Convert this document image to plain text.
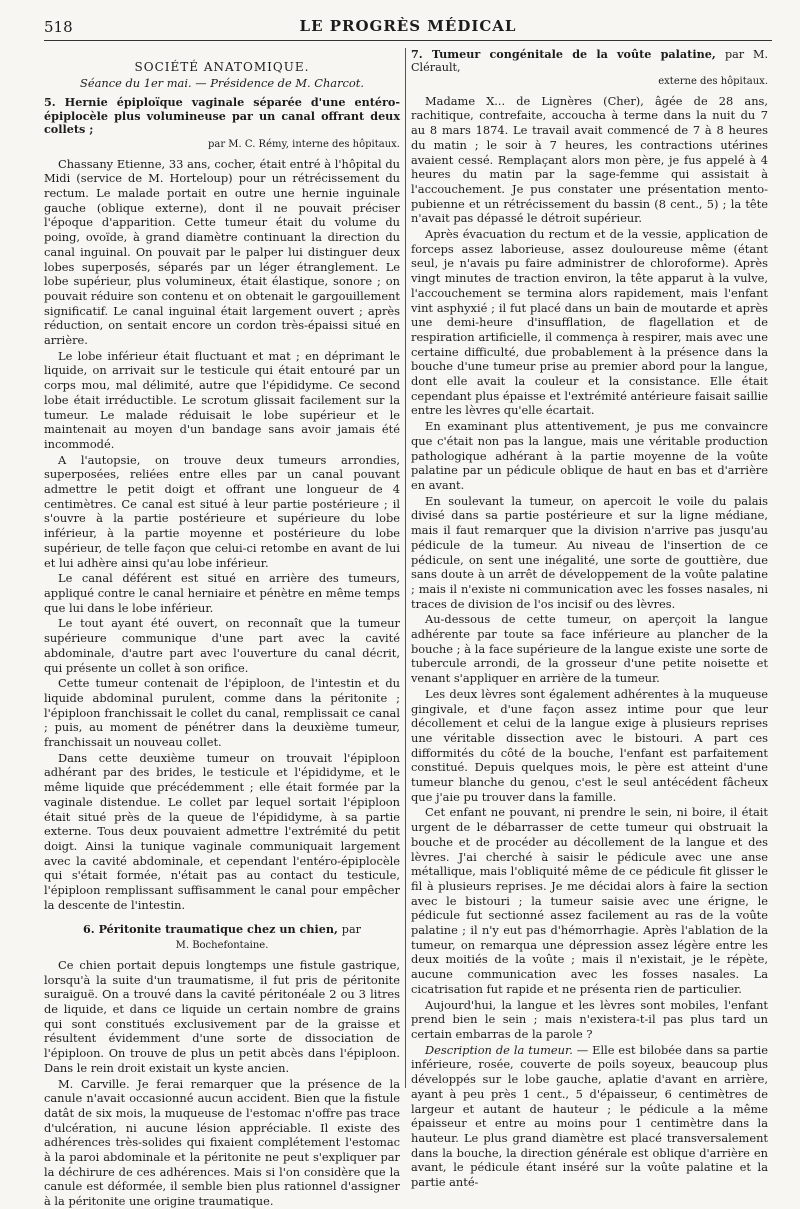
518	LE PROGRÈS MÉDICAL

SOCIÉTÉ ANATOMIQUE.

Séance du 1er mai. — Présidence de M. Charcot.

5. Hernie épiploïque vaginale séparée d'une entéro-épiplocèle plus volumineuse par un canal offrant deux collets ;

par M. C. Rémy, interne des hôpitaux.

Chassany Etienne, 33 ans, cocher, était entré à l'hôpital du Midi (service de M. Horteloup) pour un rétrécissement du rectum. Le malade portait en outre une hernie inguinale gauche (oblique externe), dont il ne pouvait préciser l'époque d'apparition. Cette tumeur était du volume du poing, ovoïde, à grand diamètre continuant la direction du canal inguinal. On pouvait par le palper lui distinguer deux lobes superposés, séparés par un léger étranglement. Le lobe supérieur, plus volumineux, était élastique, sonore ; on pouvait réduire son contenu et on obtenait le gargouillement significatif. Le canal inguinal était largement ouvert ; après réduction, on sentait encore un cordon très-épaissi situé en arrière.

Le lobe inférieur était fluctuant et mat ; en déprimant le liquide, on arrivait sur le testicule qui était entouré par un corps mou, mal délimité, autre que l'épididyme. Ce second lobe était irréductible. Le scrotum glissait facilement sur la tumeur. Le malade réduisait le lobe supérieur et le maintenait au moyen d'un bandage sans avoir jamais été incommodé.

A l'autopsie, on trouve deux tumeurs arrondies, superposées, reliées entre elles par un canal pouvant admettre le petit doigt et offrant une longueur de 4 centimètres. Ce canal est situé à leur partie postérieure ; il s'ouvre à la partie postérieure et supérieure du lobe inférieur, à la partie moyenne et postérieure du lobe supérieur, de telle façon que celui-ci retombe en avant de lui et lui adhère ainsi qu'au lobe inférieur.

Le canal déférent est situé en arrière des tumeurs, appliqué contre le canal herniaire et pénètre en même temps que lui dans le lobe inférieur.

Le tout ayant été ouvert, on reconnaît que la tumeur supérieure communique d'une part avec la cavité abdominale, d'autre part avec l'ouverture du canal décrit, qui présente un collet à son orifice.

Cette tumeur contenait de l'épiploon, de l'intestin et du liquide abdominal purulent, comme dans la péritonite ; l'épiploon franchissait le collet du canal, remplissait ce canal ; puis, au moment de pénétrer dans la deuxième tumeur, franchissait un nouveau collet.

Dans cette deuxième tumeur on trouvait l'épiploon adhérant par des brides, le testicule et l'épididyme, et le même liquide que précédemment ; elle était formée par la vaginale distendue. Le collet par lequel sortait l'épiploon était situé près de la queue de l'épididyme, à sa partie externe. Tous deux pouvaient admettre l'extrémité du petit doigt. Ainsi la tunique vaginale communiquait largement avec la cavité abdominale, et cependant l'entéro-épiplocèle qui s'était formée, n'était pas au contact du testicule, l'épiploon remplissant suffisamment le canal pour empêcher la descente de l'intestin.

6. Péritonite traumatique chez un chien, par

M. Bochefontaine.

Ce chien portait depuis longtemps une fistule gastrique, lorsqu'à la suite d'un traumatisme, il fut pris de péritonite suraiguë. On a trouvé dans la cavité péritonéale 2 ou 3 litres de liquide, et dans ce liquide un certain nombre de grains qui sont constitués exclusivement par de la graisse et résultent évidemment d'une sorte de dissociation de l'épiploon. On trouve de plus un petit abcès dans l'épiploon. Dans le rein droit existait un kyste ancien.

M. Carville. Je ferai remarquer que la présence de la canule n'avait occasionné aucun accident. Bien que la fistule datât de six mois, la muqueuse de l'estomac n'offre pas trace d'ulcération, ni aucune lésion appréciable. Il existe des adhérences très-solides qui fixaient complétement l'estomac à la paroi abdominale et la péritonite ne peut s'expliquer par la déchirure de ces adhérences. Mais si l'on considère que la canule est déformée, il semble bien plus rationnel d'assigner à la péritonite une origine traumatique.

7. Tumeur congénitale de la voûte palatine, par M. Clérault,

externe des hôpitaux.

Madame X... de Lignères (Cher), âgée de 28 ans, rachitique, contrefaite, accoucha à terme dans la nuit du 7 au 8 mars 1874. Le travail avait commencé de 7 à 8 heures du matin ; le soir à 7 heures, les contractions utérines avaient cessé. Remplaçant alors mon père, je fus appelé à 4 heures du matin par la sage-femme qui assistait à l'accouchement. Je pus constater une présentation mento-pubienne et un rétrécissement du bassin (8 cent., 5) ; la tête n'avait pas dépassé le détroit supérieur.

Après évacuation du rectum et de la vessie, application de forceps assez laborieuse, assez douloureuse même (étant seul, je n'avais pu faire administrer de chloroforme). Après vingt minutes de traction environ, la tête apparut à la vulve, l'accouchement se termina alors rapidement, mais l'enfant vint asphyxié ; il fut placé dans un bain de moutarde et après une demi-heure d'insufflation, de flagellation et de respiration artificielle, il commença à respirer, mais avec une certaine difficulté, due probablement à la présence dans la bouche d'une tumeur prise au premier abord pour la langue, dont elle avait la couleur et la consistance. Elle était cependant plus épaisse et l'extrémité antérieure faisait saillie entre les lèvres qu'elle écartait.

En examinant plus attentivement, je pus me convaincre que c'était non pas la langue, mais une véritable production pathologique adhérant à la partie moyenne de la voûte palatine par un pédicule oblique de haut en bas et d'arrière en avant.

En soulevant la tumeur, on apercoit le voile du palais divisé dans sa partie postérieure et sur la ligne médiane, mais il faut remarquer que la division n'arrive pas jusqu'au pédicule de la tumeur. Au niveau de l'insertion de ce pédicule, on sent une inégalité, une sorte de gouttière, due sans doute à un arrêt de développement de la voûte palatine ; mais il n'existe ni communication avec les fosses nasales, ni traces de division de l'os incisif ou des lèvres.

Au-dessous de cette tumeur, on aperçoit la langue adhérente par toute sa face inférieure au plancher de la bouche ; à la face supérieure de la langue existe une sorte de tubercule arrondi, de la grosseur d'une petite noisette et venant s'appliquer en arrière de la tumeur.

Les deux lèvres sont également adhérentes à la muqueuse gingivale, et d'une façon assez intime pour que leur décollement et celui de la langue exige à plusieurs reprises une véritable dissection avec le bistouri. A part ces difformités du côté de la bouche, l'enfant est parfaitement constitué. Depuis quelques mois, le père est atteint d'une tumeur blanche du genou, c'est le seul antécédent fâcheux que j'aie pu trouver dans la famille.

Cet enfant ne pouvant, ni prendre le sein, ni boire, il était urgent de le débarrasser de cette tumeur qui obstruait la bouche et de procéder au décollement de la langue et des lèvres. J'ai cherché à saisir le pédicule avec une anse métallique, mais l'obliquité même de ce pédicule fit glisser le fil à plusieurs reprises. Je me décidai alors à faire la section avec le bistouri ; la tumeur saisie avec une érigne, le pédicule fut sectionné assez facilement au ras de la voûte palatine ; il n'y eut pas d'hémorrhagie. Après l'ablation de la tumeur, on remarqua une dépression assez légère entre les deux moitiés de la voûte ; mais il n'existait, je le répète, aucune communication avec les fosses nasales. La cicatrisation fut rapide et ne présenta rien de particulier.

Aujourd'hui, la langue et les lèvres sont mobiles, l'enfant prend bien le sein ; mais n'existera-t-il pas plus tard un certain embarras de la parole ?

Description de la tumeur. — Elle est bilobée dans sa partie inférieure, rosée, couverte de poils soyeux, beaucoup plus développés sur le lobe gauche, aplatie d'avant en arrière, ayant à peu près 1 cent., 5 d'épaisseur, 6 centimètres de largeur et autant de hauteur ; le pédicule a la même épaisseur et entre au moins pour 1 centimètre dans la hauteur. Le plus grand diamètre est placé transversalement dans la bouche, la direction générale est oblique d'arrière en avant, le pédicule étant inséré sur la voûte palatine et la partie anté-
